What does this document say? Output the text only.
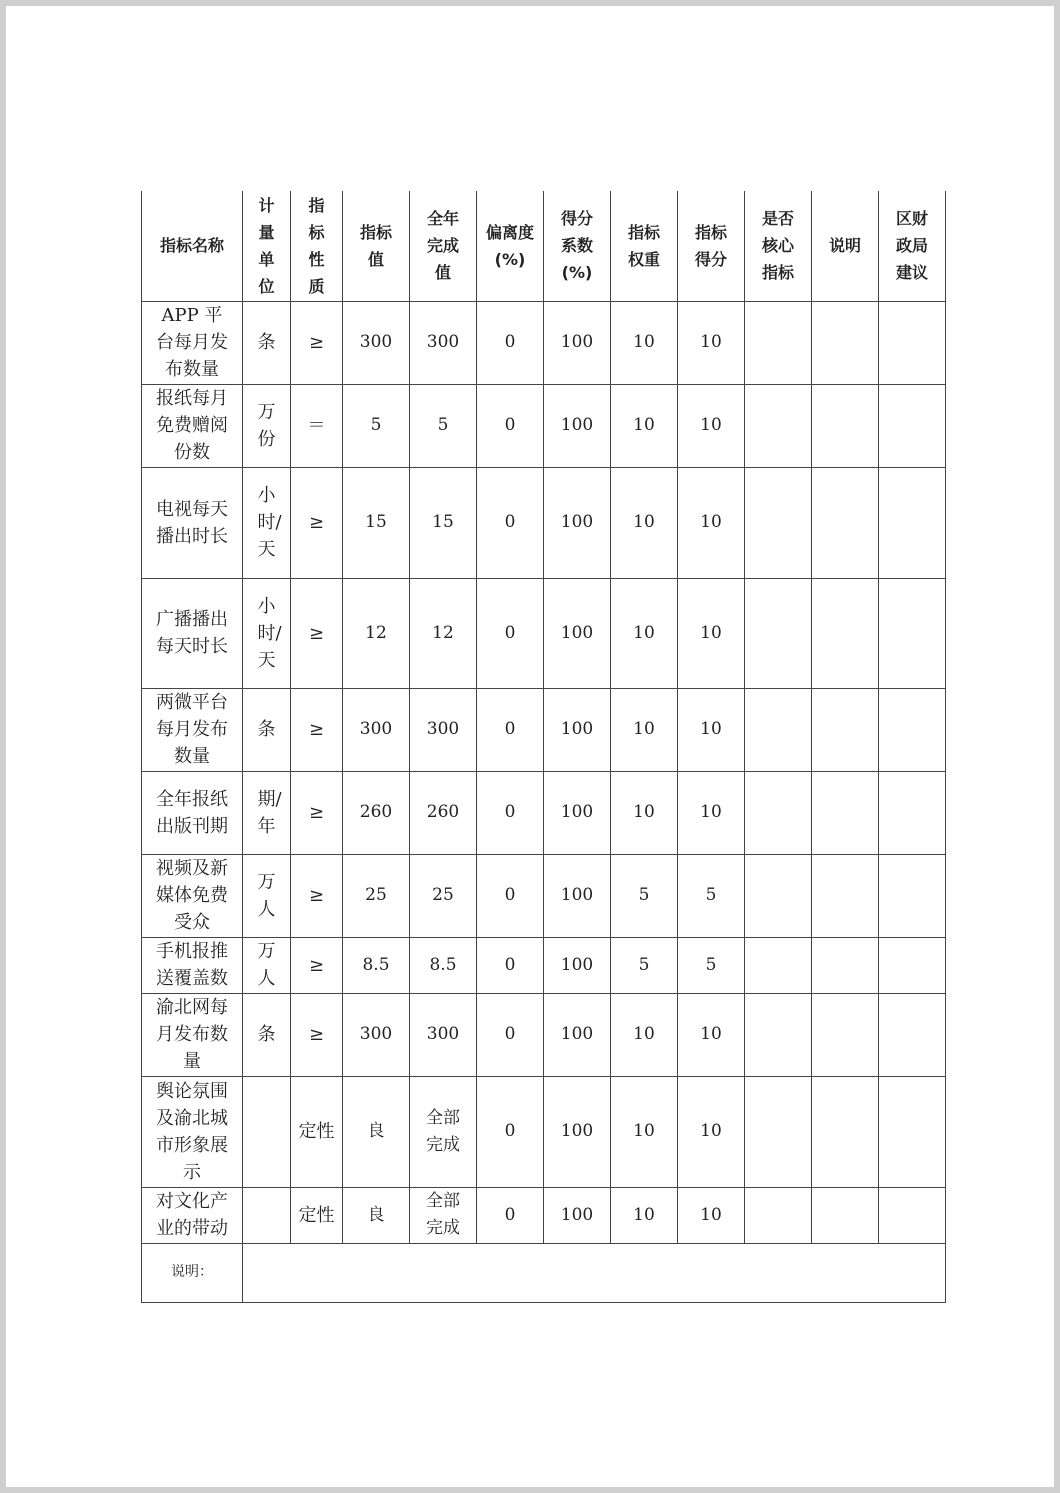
指标名称	计量单位	指标性质	指标值	全年完成值	偏离度(%)	得分系数(%)	指标权重	指标得分	是否核心指标	说明	区财政局建议

APP 平台每月发布数量	条	≥	300	300	0	100	10	10			

报纸每月免费赠阅份数	万份	＝	5	5	0	100	10	10			

电视每天播出时长	小时/天	≥	15	15	0	100	10	10			

广播播出每天时长	小时/天	≥	12	12	0	100	10	10			

两微平台每月发布数量	条	≥	300	300	0	100	10	10			

全年报纸出版刊期	期/年	≥	260	260	0	100	10	10			

视频及新媒体免费受众	万人	≥	25	25	0	100	5	5			

手机报推送覆盖数	万人	≥	8.5	8.5	0	100	5	5			

渝北网每月发布数量	条	≥	300	300	0	100	10	10			

舆论氛围及渝北城市形象展示		定性	良	全部完成	0	100	10	10			

对文化产业的带动		定性	良	全部完成	0	100	10	10			

说明：											
